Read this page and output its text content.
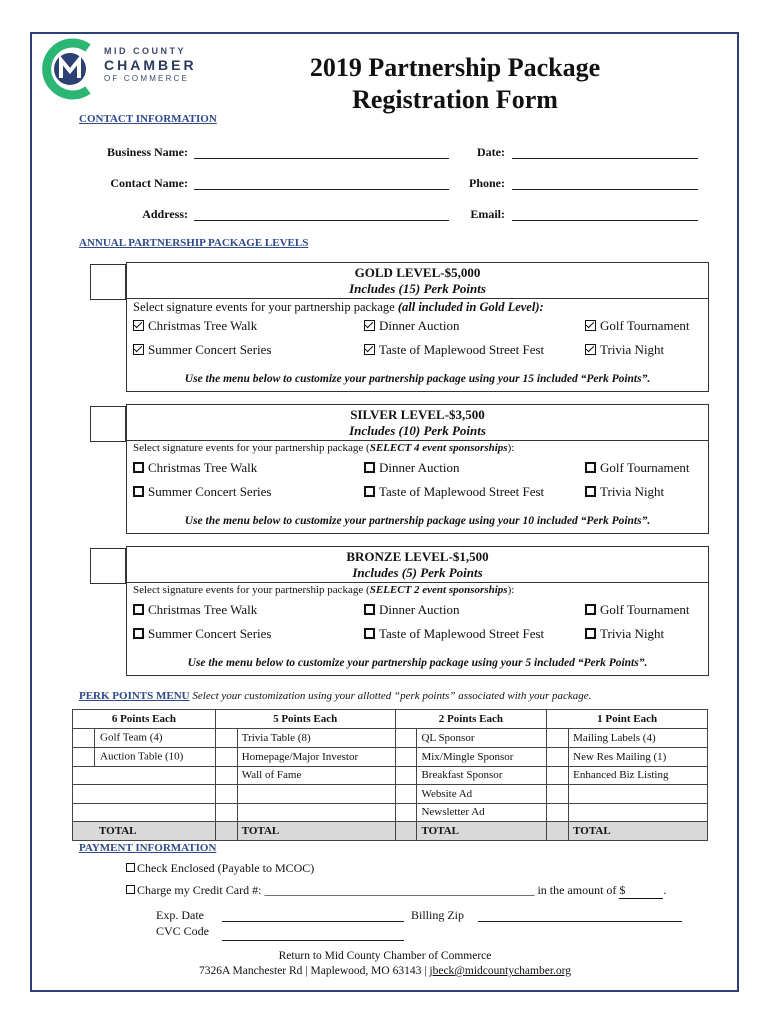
MID COUNTY
CHAMBER
OF COMMERCE	2019 Partnership Package
Registration Form
CONTACT INFORMATION
Business Name:	Date:
Contact Name:	Phone:
Address:	Email:
ANNUAL PARTNERSHIP PACKAGE LEVELS
GOLD LEVEL-$5,000
Includes (15) Perk Points
Select signature events for your partnership package (all included in Gold Level):
Christmas Tree Walk	Dinner Auction	Golf Tournament
Summer Concert Series	Taste of Maplewood Street Fest	Trivia Night
Use the menu below to customize your partnership package using your 15 included “Perk Points”.
SILVER LEVEL-$3,500
Includes (10) Perk Points
Select signature events for your partnership package (SELECT 4 event sponsorships):
Christmas Tree Walk	Dinner Auction	Golf Tournament
Summer Concert Series	Taste of Maplewood Street Fest	Trivia Night
Use the menu below to customize your partnership package using your 10 included “Perk Points”.
BRONZE LEVEL-$1,500
Includes (5) Perk Points
Select signature events for your partnership package (SELECT 2 event sponsorships):
Christmas Tree Walk	Dinner Auction	Golf Tournament
Summer Concert Series	Taste of Maplewood Street Fest	Trivia Night
Use the menu below to customize your partnership package using your 5 included “Perk Points”.
PERK POINTS MENU Select your customization using your allotted “perk points” associated with your package.
6 Points Each	5 Points Each		2 Points Each		1 Point Each	
Golf Team (4)		Trivia Table (8)		QL Sponsor		Mailing Labels (4)
Auction Table (10)		Homepage/Major Investor		Mix/Mingle Sponsor		New Res Mailing (1)
		Wall of Fame		Breakfast Sponsor		Enhanced Biz Listing
				Website Ad		
				Newsletter Ad		
TOTAL		TOTAL		TOTAL		TOTAL
PAYMENT INFORMATION
Check Enclosed (Payable to MCOC)
Charge my Credit Card #: _____________________________________________ in the amount of $	.
Exp. Date	Billing Zip
CVC Code
Return to Mid County Chamber of Commerce
7326A Manchester Rd | Maplewood, MO 63143 | jbeck@midcountychamber.org
